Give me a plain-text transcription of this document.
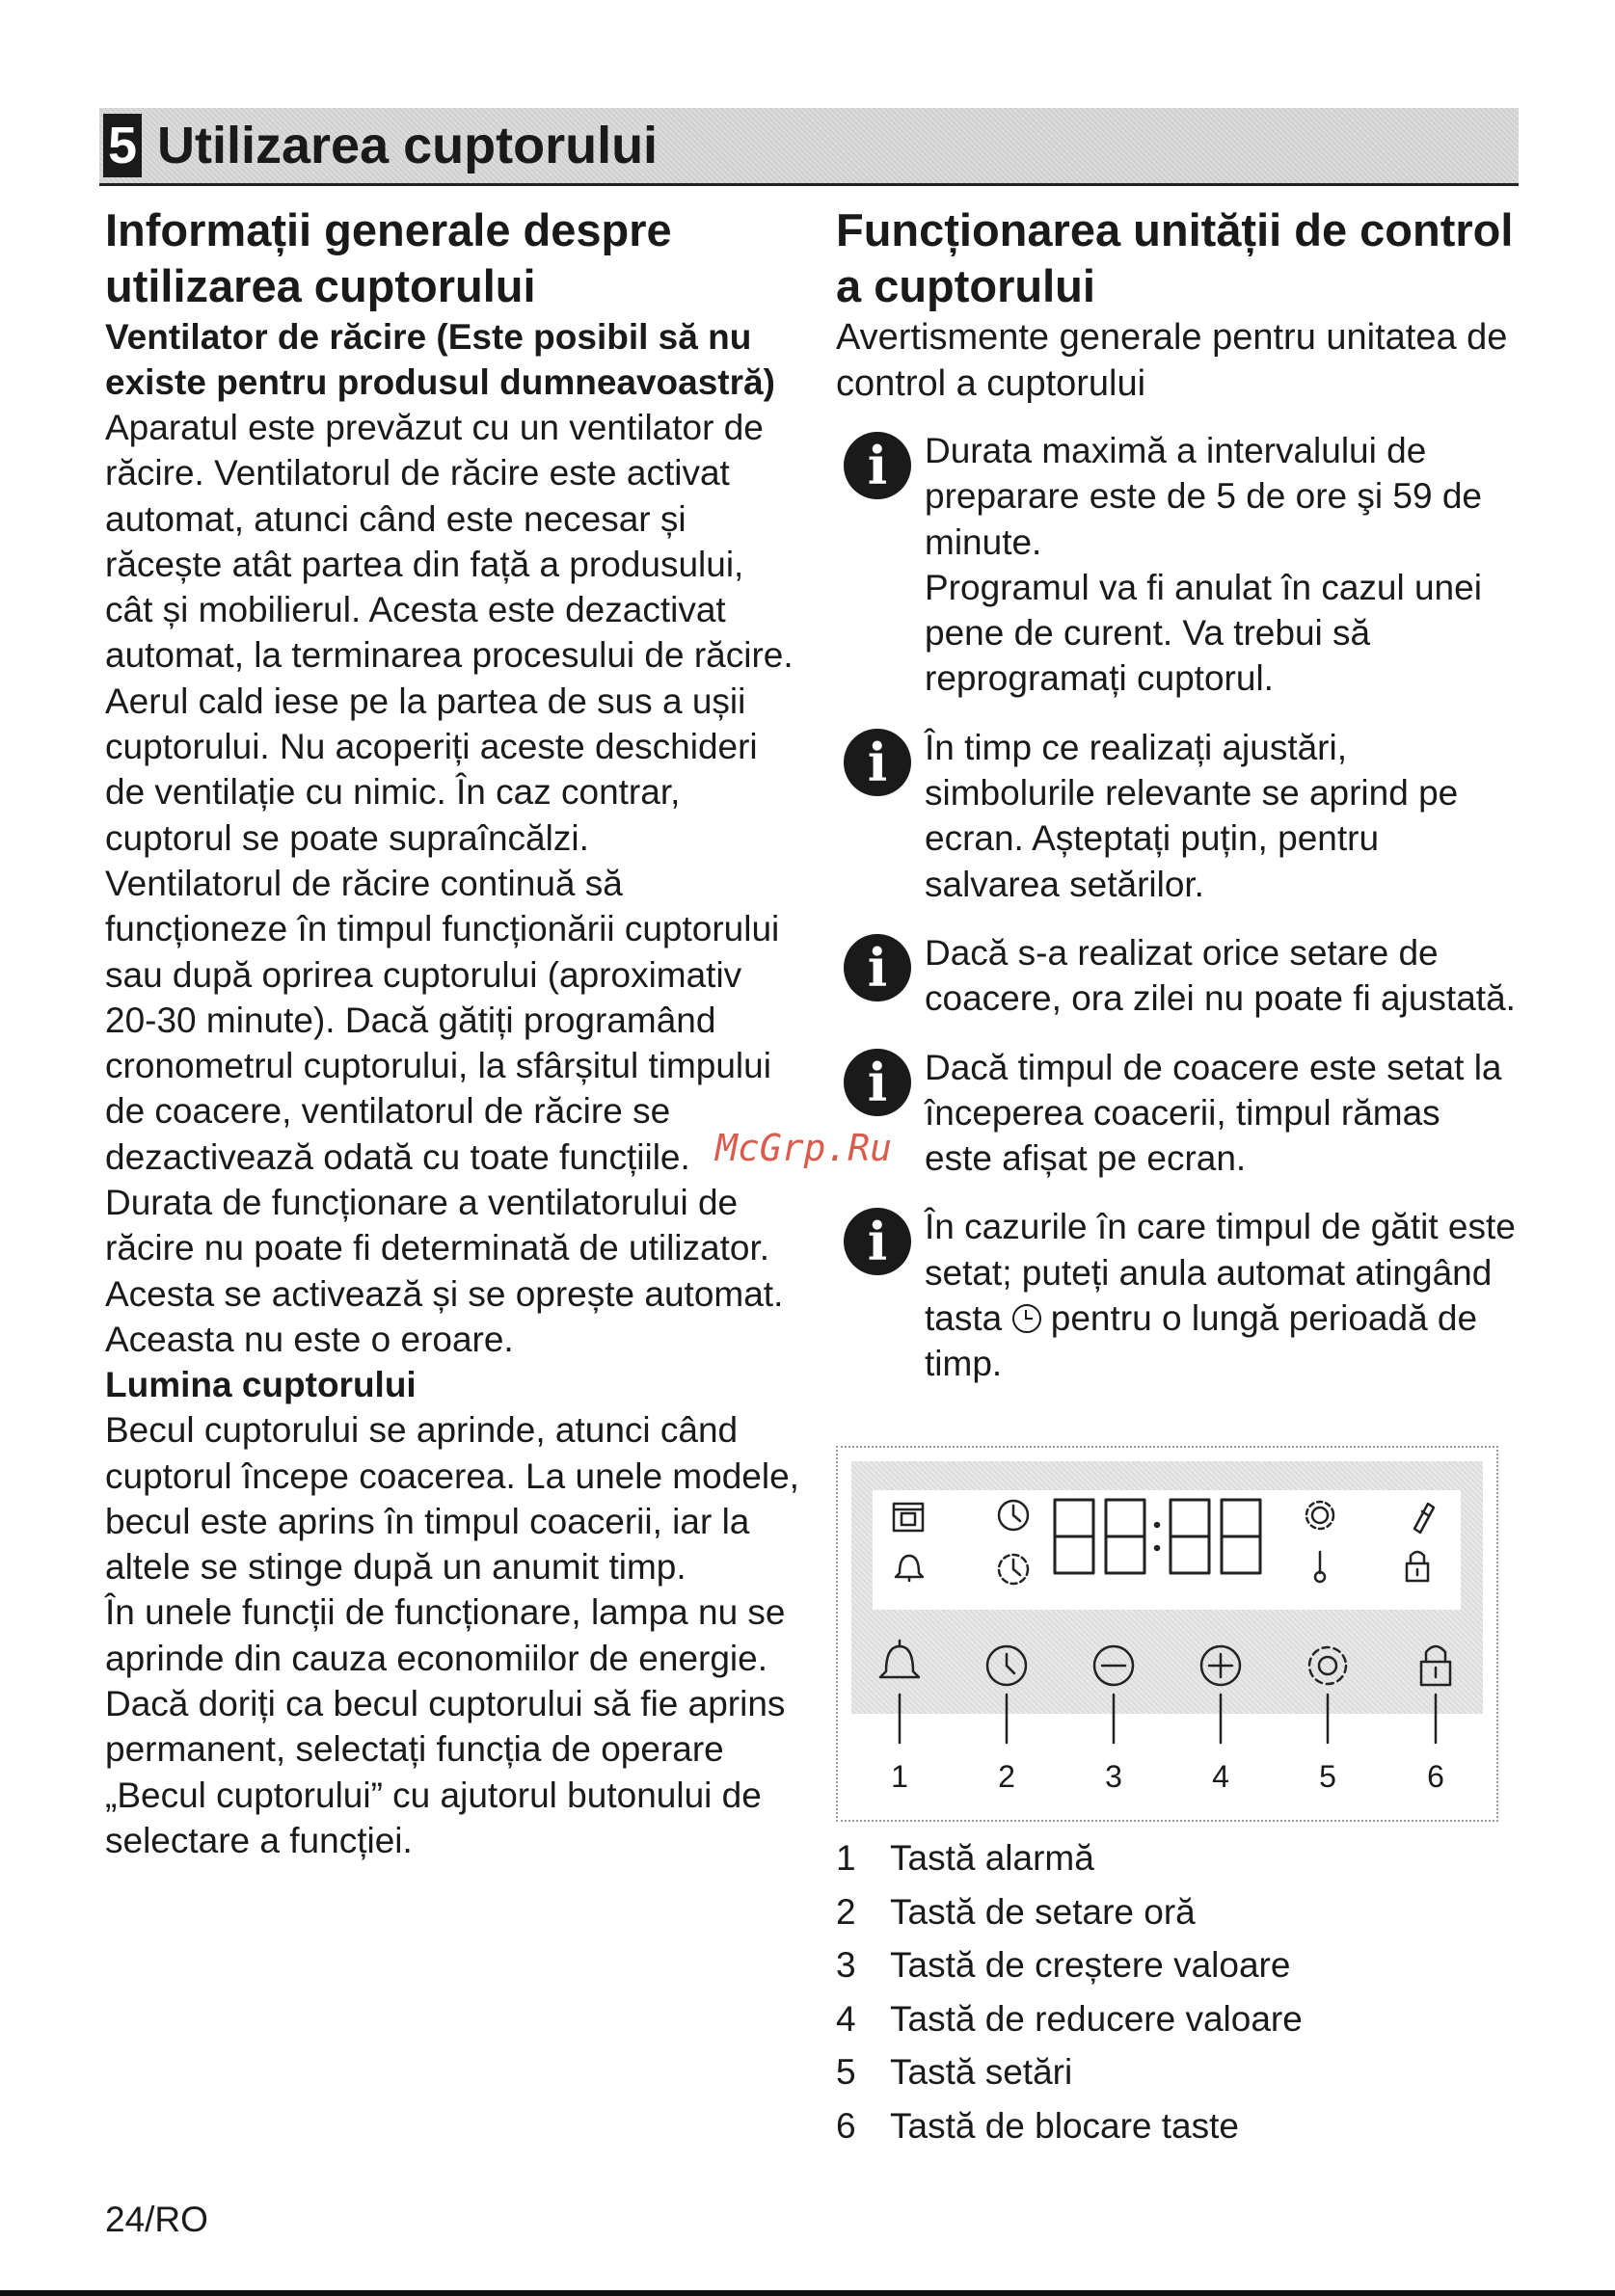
5 Utilizarea cuptorului
Informații generale despre utilizarea cuptorului
Ventilator de răcire (Este posibil să nu existe pentru produsul dumneavoastră)

Aparatul este prevăzut cu un ventilator de răcire. Ventilatorul de răcire este activat automat, atunci când este necesar și răcește atât partea din față a produsului, cât și mobilierul. Acesta este dezactivat automat, la terminarea procesului de răcire. Aerul cald iese pe la partea de sus a ușii cuptorului. Nu acoperiți aceste deschideri de ventilație cu nimic. În caz contrar, cuptorul se poate supraîncălzi.

Ventilatorul de răcire continuă să funcționeze în timpul funcționării cuptorului sau după oprirea cuptorului (aproximativ 20-30 minute). Dacă gătiți programând cronometrul cuptorului, la sfârșitul timpului de coacere, ventilatorul de răcire se dezactivează odată cu toate funcțiile. Durata de funcționare a ventilatorului de răcire nu poate fi determinată de utilizator. Acesta se activează și se oprește automat. Aceasta nu este o eroare.

Lumina cuptorului

Becul cuptorului se aprinde, atunci când cuptorul începe coacerea. La unele modele, becul este aprins în timpul coacerii, iar la altele se stinge după un anumit timp.

În unele funcții de funcționare, lampa nu se aprinde din cauza economiilor de energie.

Dacă doriți ca becul cuptorului să fie aprins permanent, selectați funcția de operare „Becul cuptorului” cu ajutorul butonului de selectare a funcției.

Funcționarea unității de control a cuptorului
Avertismente generale pentru unitatea de control a cuptorului
i	Durata maximă a intervalului de preparare este de 5 de ore şi 59 de minute.

Programul va fi anulat în cazul unei pene de curent. Va trebui să reprogramați cuptorul.

i	În timp ce realizați ajustări, simbolurile relevante se aprind pe ecran. Așteptați puțin, pentru salvarea setărilor.

i	Dacă s-a realizat orice setare de coacere, ora zilei nu poate fi ajustată.

i	Dacă timpul de coacere este setat la începerea coacerii, timpul rămas este afișat pe ecran.

i	În cazurile în care timpul de gătit este setat; puteți anula automat atingând tasta pentru o lungă perioadă de timp.

1	2	3	4	5	6
1 Tastă alarmă
2 Tastă de setare oră
3 Tastă de creștere valoare
4 Tastă de reducere valoare
5 Tastă setări
6 Tastă de blocare taste
McGrp.Ru
24/RO
